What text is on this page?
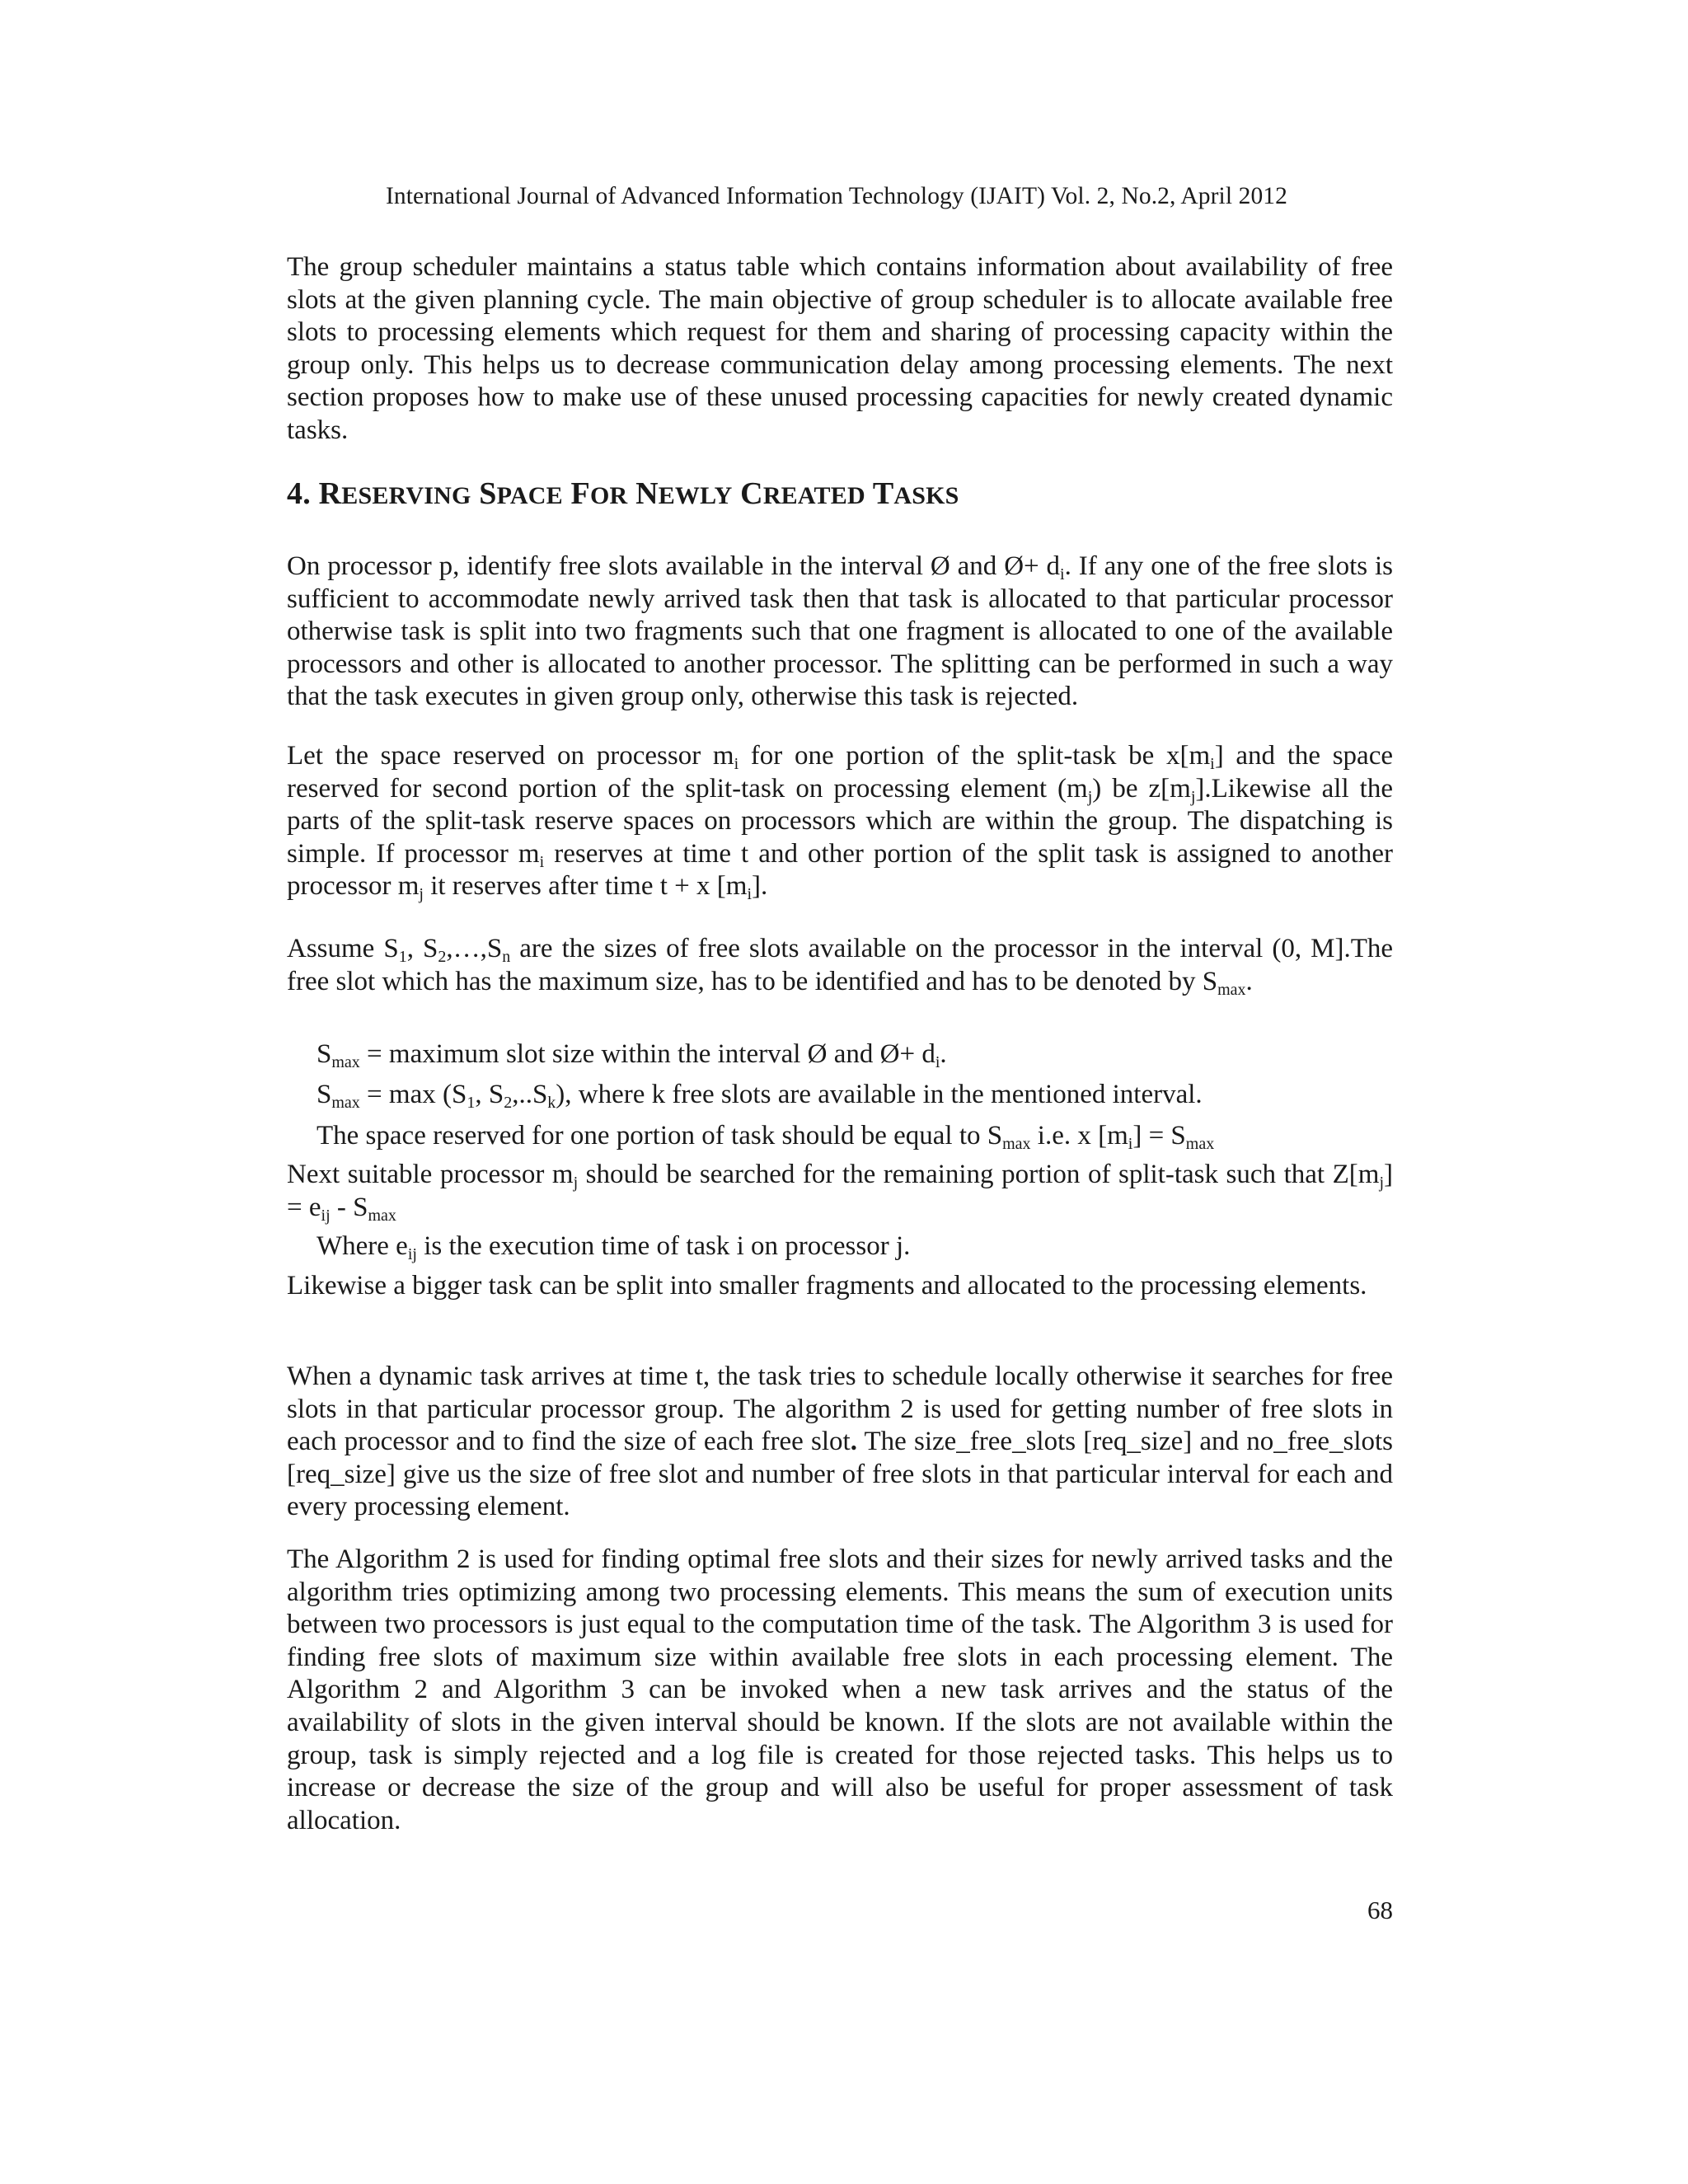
International Journal of Advanced Information Technology (IJAIT) Vol. 2, No.2, April 2012

The group scheduler maintains a status table which contains information about availability of free slots at the given planning cycle. The main objective of group scheduler is to allocate available free slots to processing elements which request for them and sharing of processing capacity within the group only. This helps us to decrease communication delay among processing elements. The next section proposes how to make use of these unused processing capacities for newly created dynamic tasks.

4. RESERVING SPACE FOR NEWLY CREATED TASKS

On processor p, identify free slots available in the interval Ø and Ø+ $d_i$. If any one of the free slots is sufficient to accommodate newly arrived task then that task is allocated to that particular processor otherwise task is split into two fragments such that one fragment is allocated to one of the available processors and other is allocated to another processor. The splitting can be performed in such a way that the task executes in given group only, otherwise this task is rejected.

Let the space reserved on processor $m_i$ for one portion of the split-task be $x[m_i]$ and the space reserved for second portion of the split-task on processing element $(m_j)$ be $z[m_j].Likewise$ all the parts of the split-task reserve spaces on processors which are within the group. The dispatching is simple. If processor $m_i$ reserves at time t and other portion of the split task is assigned to another processor $m_j$ it reserves after time t + x $[m_i]$.

Assume $S_1$, $S_2,\dots,S_n$ are the sizes of free slots available on the processor in the interval (0, M].The free slot which has the maximum size, has to be identified and has to be denoted by $S_{max}$.

$S_{max}$ = maximum slot size within the interval Ø and Ø+ $d_i$.

$S_{max} = \max (S_1$, $S_2,..S_k$), where k free slots are available in the mentioned interval.

The space reserved for one portion of task should be equal to $S_{max}$ i.e. x $[m_i] = S_{max}$

Next suitable processor $m_j$ should be searched for the remaining portion of split-task such that $Z[m_j] = e_{ij} - S_{max}$

Where $e_{ij}$ is the execution time of task i on processor j.

Likewise a bigger task can be split into smaller fragments and allocated to the processing elements.

When a dynamic task arrives at time t, the task tries to schedule locally otherwise it searches for free slots in that particular processor group. The algorithm 2 is used for getting number of free slots in each processor and to find the size of each free slot. The size_free_slots [req_size] and no_free_slots [req_size] give us the size of free slot and number of free slots in that particular interval for each and every processing element.

The Algorithm 2 is used for finding optimal free slots and their sizes for newly arrived tasks and the algorithm tries optimizing among two processing elements. This means the sum of execution units between two processors is just equal to the computation time of the task. The Algorithm 3 is used for finding free slots of maximum size within available free slots in each processing element. The Algorithm 2 and Algorithm 3 can be invoked when a new task arrives and the status of the availability of slots in the given interval should be known. If the slots are not available within the group, task is simply rejected and a log file is created for those rejected tasks. This helps us to increase or decrease the size of the group and will also be useful for proper assessment of task allocation.

68
